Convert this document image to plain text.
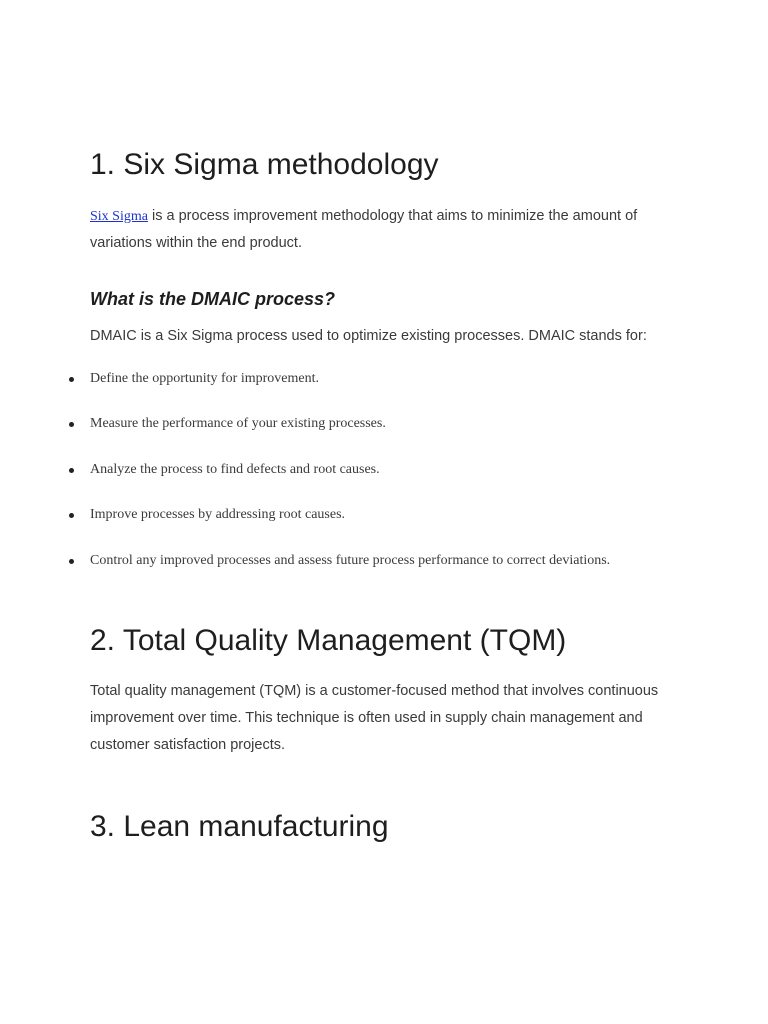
1. Six Sigma methodology

Six Sigma is a process improvement methodology that aims to minimize the amount of variations within the end product.

What is the DMAIC process?

DMAIC is a Six Sigma process used to optimize existing processes. DMAIC stands for:

Define the opportunity for improvement.
Measure the performance of your existing processes.
Analyze the process to find defects and root causes.
Improve processes by addressing root causes.
Control any improved processes and assess future process performance to correct deviations.
2. Total Quality Management (TQM)

Total quality management (TQM) is a customer-focused method that involves continuous improvement over time. This technique is often used in supply chain management and customer satisfaction projects.

3. Lean manufacturing
